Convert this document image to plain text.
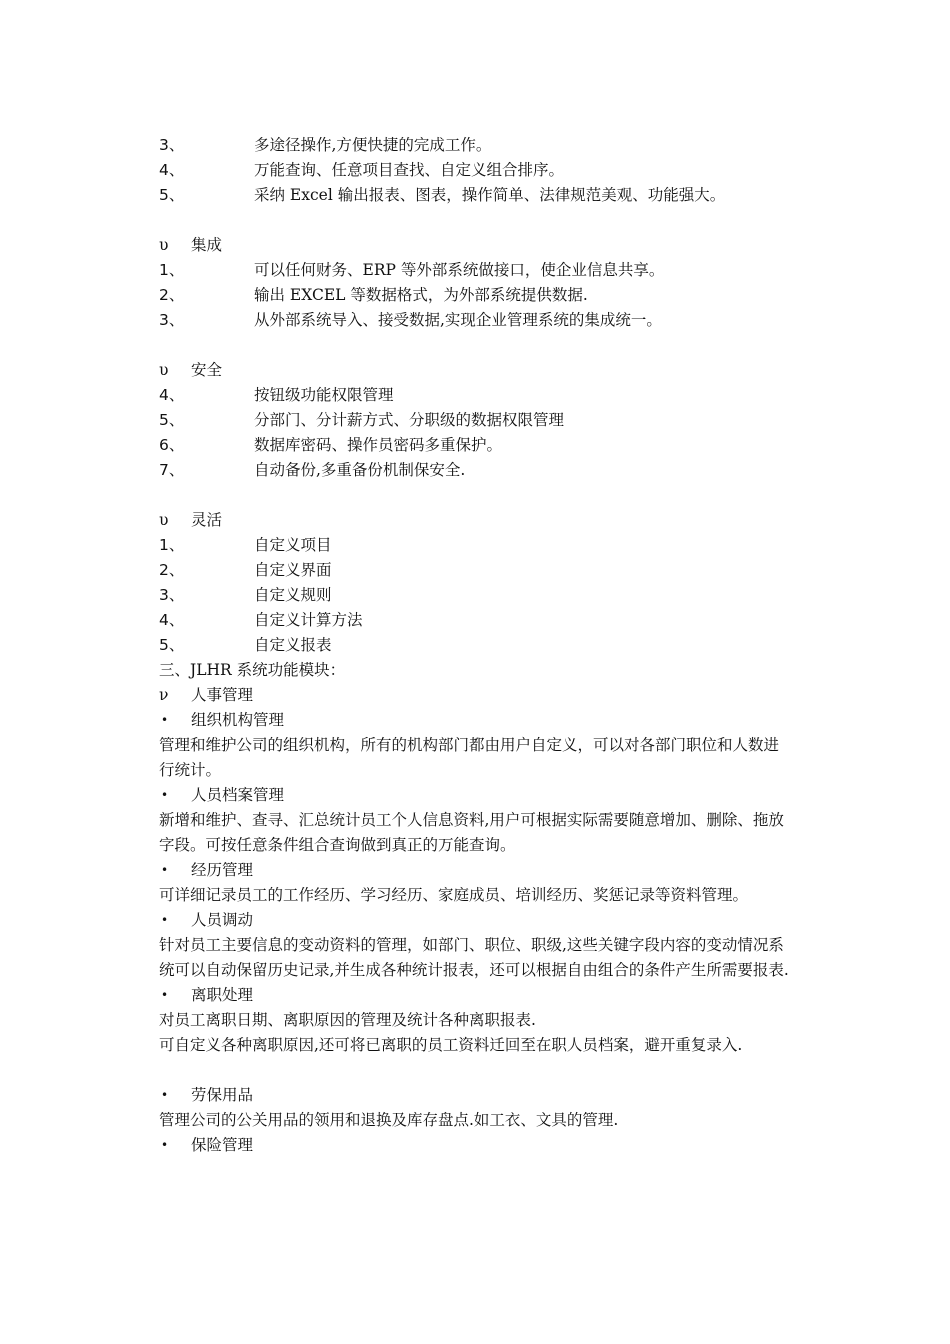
3、	多途径操作,方便快捷的完成工作。
4、	万能查询、任意项目查找、自定义组合排序。
5、	采纳 Excel 输出报表、图表，操作简单、法律规范美观、功能强大。
υ	集成
1、	可以任何财务、ERP 等外部系统做接口，使企业信息共享。
2、	输出 EXCEL 等数据格式，为外部系统提供数据.
3、	从外部系统导入、接受数据,实现企业管理系统的集成统一。
υ	安全
4、	按钮级功能权限管理
5、	分部门、分计薪方式、分职级的数据权限管理
6、	数据库密码、操作员密码多重保护。
7、	自动备份,多重备份机制保安全.
υ	灵活
1、	自定义项目
2、	自定义界面
3、	自定义规则
4、	自定义计算方法
5、	自定义报表
三、JLHR 系统功能模块：
ν	人事管理
•	组织机构管理
管理和维护公司的组织机构，所有的机构部门都由用户自定义，可以对各部门职位和人数进行统计。
•	人员档案管理
新增和维护、查寻、汇总统计员工个人信息资料,用户可根据实际需要随意增加、删除、拖放字段。可按任意条件组合查询做到真正的万能查询。
•	经历管理
可详细记录员工的工作经历、学习经历、家庭成员、培训经历、奖惩记录等资料管理。
•	人员调动
针对员工主要信息的变动资料的管理，如部门、职位、职级,这些关键字段内容的变动情况系统可以自动保留历史记录,并生成各种统计报表，还可以根据自由组合的条件产生所需要报表.
•	离职处理
对员工离职日期、离职原因的管理及统计各种离职报表.
可自定义各种离职原因,还可将已离职的员工资料迁回至在职人员档案，避开重复录入.
•	劳保用品
管理公司的公关用品的领用和退换及库存盘点.如工衣、文具的管理.
•	保险管理
